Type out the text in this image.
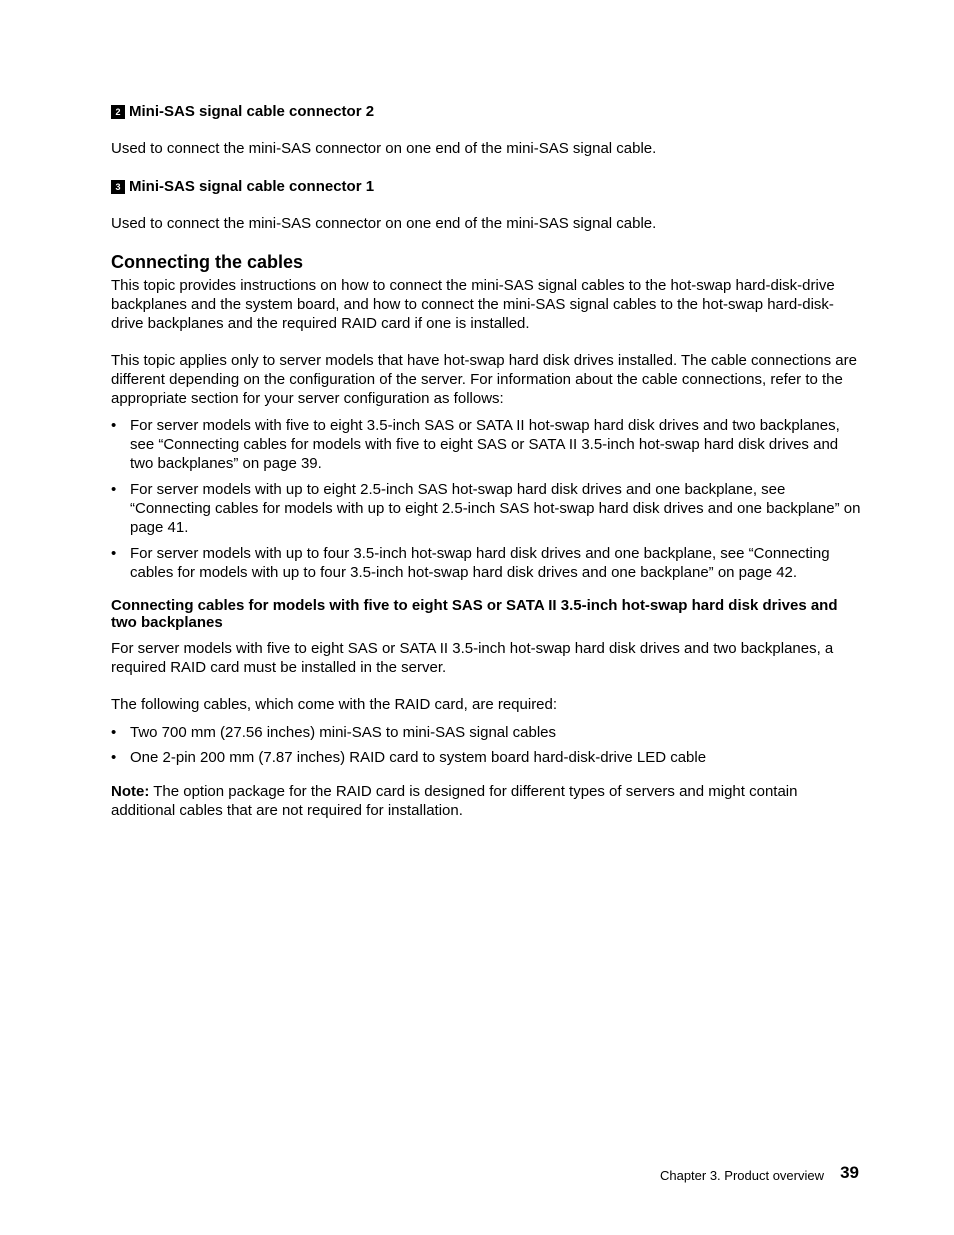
2 Mini-SAS signal cable connector 2

Used to connect the mini-SAS connector on one end of the mini-SAS signal cable.

3 Mini-SAS signal cable connector 1

Used to connect the mini-SAS connector on one end of the mini-SAS signal cable.

Connecting the cables

This topic provides instructions on how to connect the mini-SAS signal cables to the hot-swap hard-disk-drive backplanes and the system board, and how to connect the mini-SAS signal cables to the hot-swap hard-disk-drive backplanes and the required RAID card if one is installed.

This topic applies only to server models that have hot-swap hard disk drives installed. The cable connections are different depending on the configuration of the server. For information about the cable connections, refer to the appropriate section for your server configuration as follows:

• For server models with five to eight 3.5-inch SAS or SATA II hot-swap hard disk drives and two backplanes, see “Connecting cables for models with five to eight SAS or SATA II 3.5-inch hot-swap hard disk drives and two backplanes” on page 39.
• For server models with up to eight 2.5-inch SAS hot-swap hard disk drives and one backplane, see “Connecting cables for models with up to eight 2.5-inch SAS hot-swap hard disk drives and one backplane” on page 41.
• For server models with up to four 3.5-inch hot-swap hard disk drives and one backplane, see “Connecting cables for models with up to four 3.5-inch hot-swap hard disk drives and one backplane” on page 42.
Connecting cables for models with five to eight SAS or SATA II 3.5-inch hot-swap hard disk drives and two backplanes

For server models with five to eight SAS or SATA II 3.5-inch hot-swap hard disk drives and two backplanes, a required RAID card must be installed in the server.

The following cables, which come with the RAID card, are required:

• Two 700 mm (27.56 inches) mini-SAS to mini-SAS signal cables
• One 2-pin 200 mm (7.87 inches) RAID card to system board hard-disk-drive LED cable

Note: The option package for the RAID card is designed for different types of servers and might contain additional cables that are not required for installation.

Chapter 3. Product overview 39
